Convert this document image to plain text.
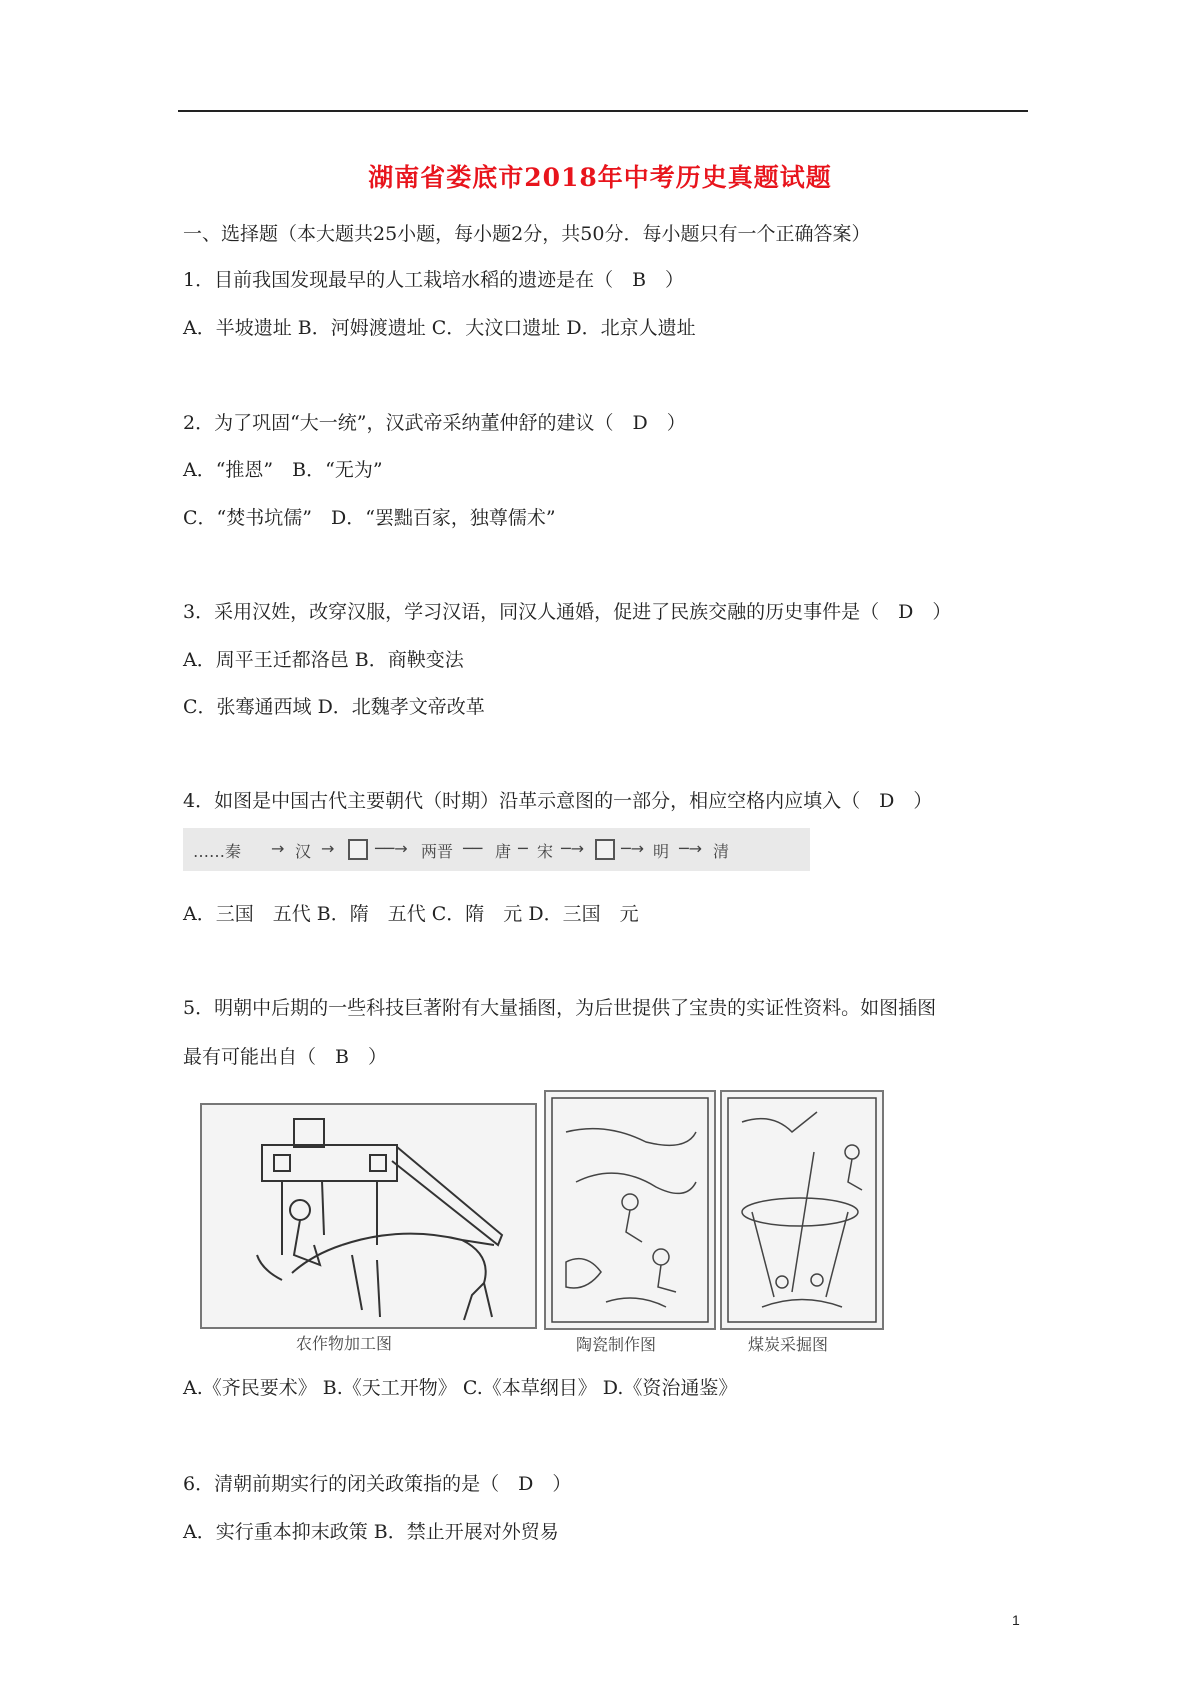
湖南省娄底市2018年中考历史真题试题
一、选择题（本大题共25小题，每小题2分，共50分．每小题只有一个正确答案）
1．目前我国发现最早的人工栽培水稻的遗迹是在（　B　）
A．半坡遗址 B．河姆渡遗址 C．大汶口遗址 D．北京人遗址
2．为了巩固“大一统”，汉武帝采纳董仲舒的建议（　D　）
A．“推恩”　B．“无为”
C．“焚书坑儒”　D．“罢黜百家，独尊儒术”
3．采用汉姓，改穿汉服，学习汉语，同汉人通婚，促进了民族交融的历史事件是（　D　）
A．周平王迁都洛邑 B．商鞅变法
C．张骞通西域 D．北魏孝文帝改革
4．如图是中国古代主要朝代（时期）沿革示意图的一部分，相应空格内应填入（　D　）
……秦 → 汉 →	──→ 两晋 ── 唐 ─ 宋 ─→ ─→ 明 ─→ 清
A．三国　五代 B．隋　五代 C．隋　元 D．三国　元
5．明朝中后期的一些科技巨著附有大量插图，为后世提供了宝贵的实证性资料。如图插图
最有可能出自（　B　）
农作物加工图	陶瓷制作图	煤炭采掘图
A.《齐民要术》 B.《天工开物》 C.《本草纲目》 D.《资治通鉴》
6．清朝前期实行的闭关政策指的是（　D　）
A．实行重本抑末政策 B．禁止开展对外贸易
1
